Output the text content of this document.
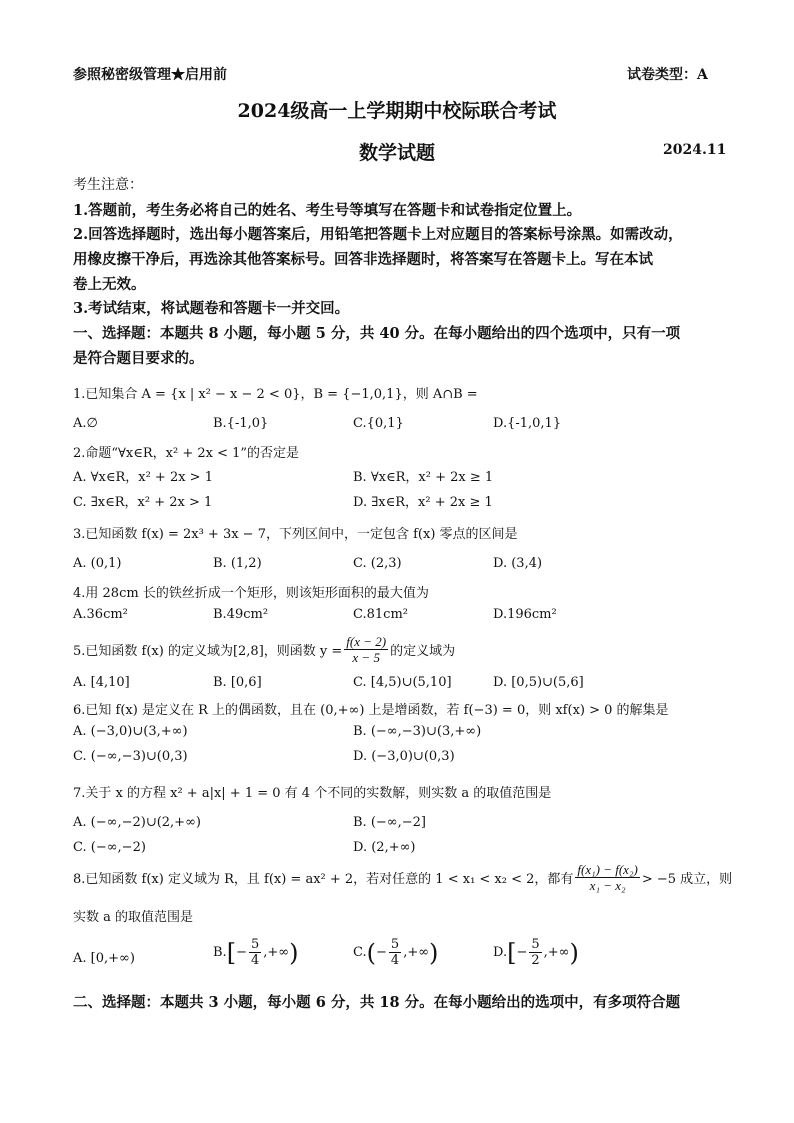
参照秘密级管理★启用前	试卷类型：A
2024级高一上学期期中校际联合考试
数学试题	2024.11
考生注意：
1.答题前，考生务必将自己的姓名、考生号等填写在答题卡和试卷指定位置上。
2.回答选择题时，选出每小题答案后，用铅笔把答题卡上对应题目的答案标号涂黑。如需改动，
用橡皮擦干净后，再选涂其他答案标号。回答非选择题时，将答案写在答题卡上。写在本试
卷上无效。
3.考试结束，将试题卷和答题卡一并交回。
一、选择题：本题共 8 小题，每小题 5 分，共 40 分。在每小题给出的四个选项中，只有一项
是符合题目要求的。
1.已知集合 A = {x | x² − x − 2 < 0}，B = {−1,0,1}，则 A∩B =
A.∅	B.{-1,0}	C.{0,1}	D.{-1,0,1}
2.命题“∀x∈R，x² + 2x < 1”的否定是
A. ∀x∈R，x² + 2x > 1	B. ∀x∈R，x² + 2x ≥ 1
C. ∃x∈R，x² + 2x > 1	D. ∃x∈R，x² + 2x ≥ 1
3.已知函数 f(x) = 2x³ + 3x − 7，下列区间中，一定包含 f(x) 零点的区间是
A. (0,1)	B. (1,2)	C. (2,3)	D. (3,4)
4.用 28cm 长的铁丝折成一个矩形，则该矩形面积的最大值为
A.36cm²	B.49cm²	C.81cm²	D.196cm²
5.已知函数 f(x) 的定义域为[2,8]，则函数 $y = \frac{f(x - 2)}{x - 5}$ 的定义域为
A. [4,10]	B. [0,6]	C. [4,5)∪(5,10]	D. [0,5)∪(5,6]
6.已知 f(x) 是定义在 R 上的偶函数，且在 (0,+∞) 上是增函数，若 f(−3) = 0，则 xf(x) > 0 的解集是
A. (−3,0)∪(3,+∞)	B. (−∞,−3)∪(3,+∞)
C. (−∞,−3)∪(0,3)	D. (−3,0)∪(0,3)
7.关于 x 的方程 x² + a|x| + 1 = 0 有 4 个不同的实数解，则实数 a 的取值范围是
A. (−∞,−2)∪(2,+∞)	B. (−∞,−2]
C. (−∞,−2)	D. (2,+∞)
8.已知函数 f(x) 定义域为 R，且 f(x) = ax² + 2，若对任意的 1 < x₁ < x₂ < 2，都有 $\frac{\text{f(x₁) − f(x₂)}}{\text{x₁ − x₂}} > -5$ 成立，则
实数 a 的取值范围是
A. [0,+∞)	B. [ − $\frac{5}{4}$ ,+∞ )	C. ( − $\frac{5}{4}$ ,+∞ )	D. [ − $\frac{5}{2}$ ,+∞ )
二、选择题：本题共 3 小题，每小题 6 分，共 18 分。在每小题给出的选项中，有多项符合题
